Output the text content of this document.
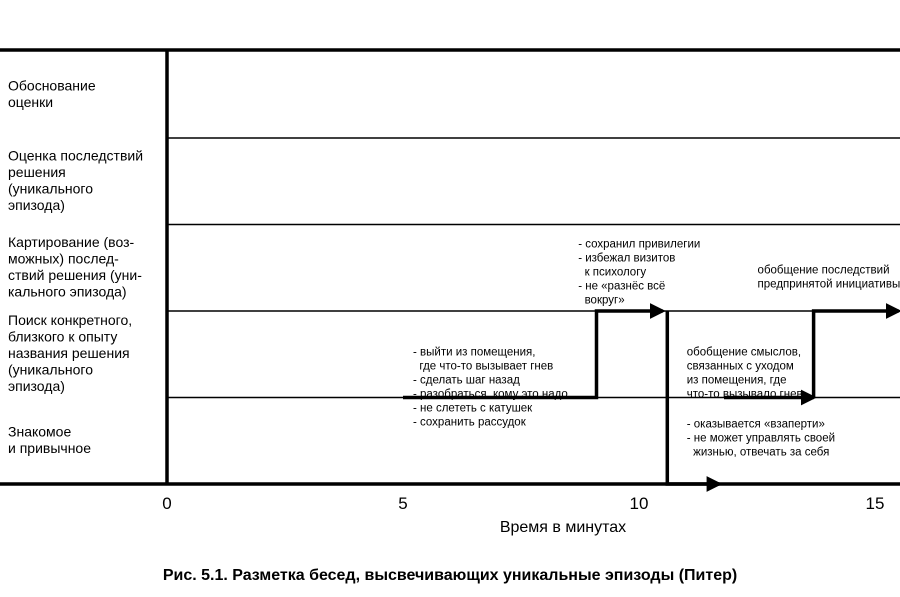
Знакомое и привычное
Поиск конкретного, близкого к опыту названия решения (уникального эпизода)
Картирование (воз-можных) послед-ствий решения (уни-кального эпизода)
Оценка последствий решения (уникального эпизода)
Обоснование оценки
0	5	10	15
- выйти из помещения,  где что-то вызывает гнев - сделать шаг назад - разобраться, кому это надо - не слететь с катушек - сохранить рассудок
- сохранил привилегии - избежал визитов  к психологу - не «разнёс всё  вокруг»
обобщение смыслов, связанных с уходом из помещения, где что-то вызывало гнев
обобщение последствий предпринятой инициативы
- оказывается «взаперти» - не может управлять своей  жизнью, отвечать за себя
Время в минутах
Рис. 5.1. Разметка бесед, высвечивающих уникальные эпизоды (Питер)
